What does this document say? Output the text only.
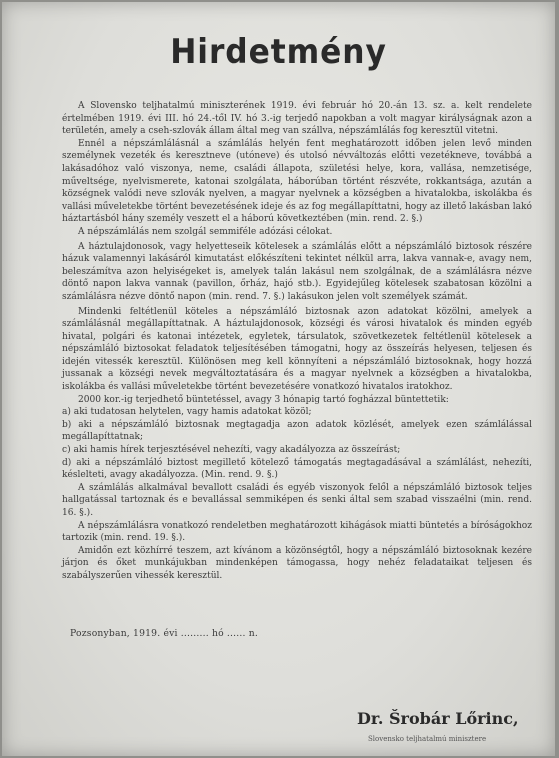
Hirdetmény

A Slovensko teljhatalmú miniszterének 1919. évi február hó 20.-án 13. sz. a. kelt rendelete értelmében 1919. évi III. hó 24.-től IV. hó 3.-ig terjedő napokban a volt magyar királyságnak azon a területén, amely a cseh-szlovák állam által meg van szállva, népszámlálás fog keresztül vitetni.

Ennél a népszámlálásnál a számlálás helyén fent meghatározott időben jelen levő minden személynek vezeték és keresztneve (utóneve) és utolsó névváltozás előtti vezetékneve, továbbá a lakásadóhoz való viszonya, neme, családi állapota, születési helye, kora, vallása, nemzetisége, műveltsége, nyelvismerete, katonai szolgálata, háborúban történt részvéte, rokkantsága, azután a községnek valódi neve szlovák nyelven, a magyar nyelvnek a községben a hivatalokba, iskolákba és vallási műveletekbe történt bevezetésének ideje és az fog megállapíttatni, hogy az illető lakásban lakó háztartásból hány személy veszett el a háború következtében (min. rend. 2. §.)

A népszámlálás nem szolgál semmiféle adózási célokat.

A háztulajdonosok, vagy helyetteseik kötelesek a számlálás előtt a népszámláló biztosok részére házuk valamennyi lakásáról kimutatást előkészíteni tekintet nélkül arra, lakva vannak-e, avagy nem, beleszámítva azon helyiségeket is, amelyek talán lakásul nem szolgálnak, de a számlálásra nézve döntő napon lakva vannak (pavillon, őrház, hajó stb.). Egyidejűleg kötelesek szabatosan közölni a számlálásra nézve döntő napon (min. rend. 7. §.) lakásukon jelen volt személyek számát.

Mindenki feltétlenül köteles a népszámláló biztosnak azon adatokat közölni, amelyek a számlálásnál megállapíttatnak. A háztulajdonosok, községi és városi hivatalok és minden egyéb hivatal, polgári és katonai intézetek, egyletek, társulatok, szövetkezetek feltétlenül kötelesek a népszámláló biztosokat feladatok teljesítésében támogatni, hogy az összeírás helyesen, teljesen és idején vitessék keresztül. Különösen meg kell könnyíteni a népszámláló biztosoknak, hogy hozzá jussanak a községi nevek megváltoztatására és a magyar nyelvnek a községben a hivatalokba, iskolákba és vallási műveletekbe történt bevezetésére vonatkozó hivatalos iratokhoz.

2000 kor.-ig terjedhető büntetéssel, avagy 3 hónapig tartó fogházzal büntettetik:

a) aki tudatosan helytelen, vagy hamis adatokat közöl;

b) aki a népszámláló biztosnak megtagadja azon adatok közlését, amelyek ezen számlálással megállapíttatnak;

c) aki hamis hírek terjesztésével nehezíti, vagy akadályozza az összeírást;

d) aki a népszámláló biztost megillető kötelező támogatás megtagadásával a számlálást, nehezíti, késlelteti, avagy akadályozza. (Min. rend. 9. §.)

A számlálás alkalmával bevallott családi és egyéb viszonyok felől a népszámláló biztosok teljes hallgatással tartoznak és e bevallással semmiképen és senki által sem szabad visszaélni (min. rend. 16. §.).

A népszámlálásra vonatkozó rendeletben meghatározott kihágások miatti büntetés a bíróságokhoz tartozik (min. rend. 19. §.).

Amidőn ezt közhírré teszem, azt kívánom a közönségtől, hogy a népszámláló biztosoknak kezére járjon és őket munkájukban mindenképen támogassa, hogy nehéz feladataikat teljesen és szabályszerűen vihessék keresztül.

Pozsonyban, 1919. évi ......... hó ...... n.
Dr. Šrobár Lőrinc,
Slovensko teljhatalmú minisztere
